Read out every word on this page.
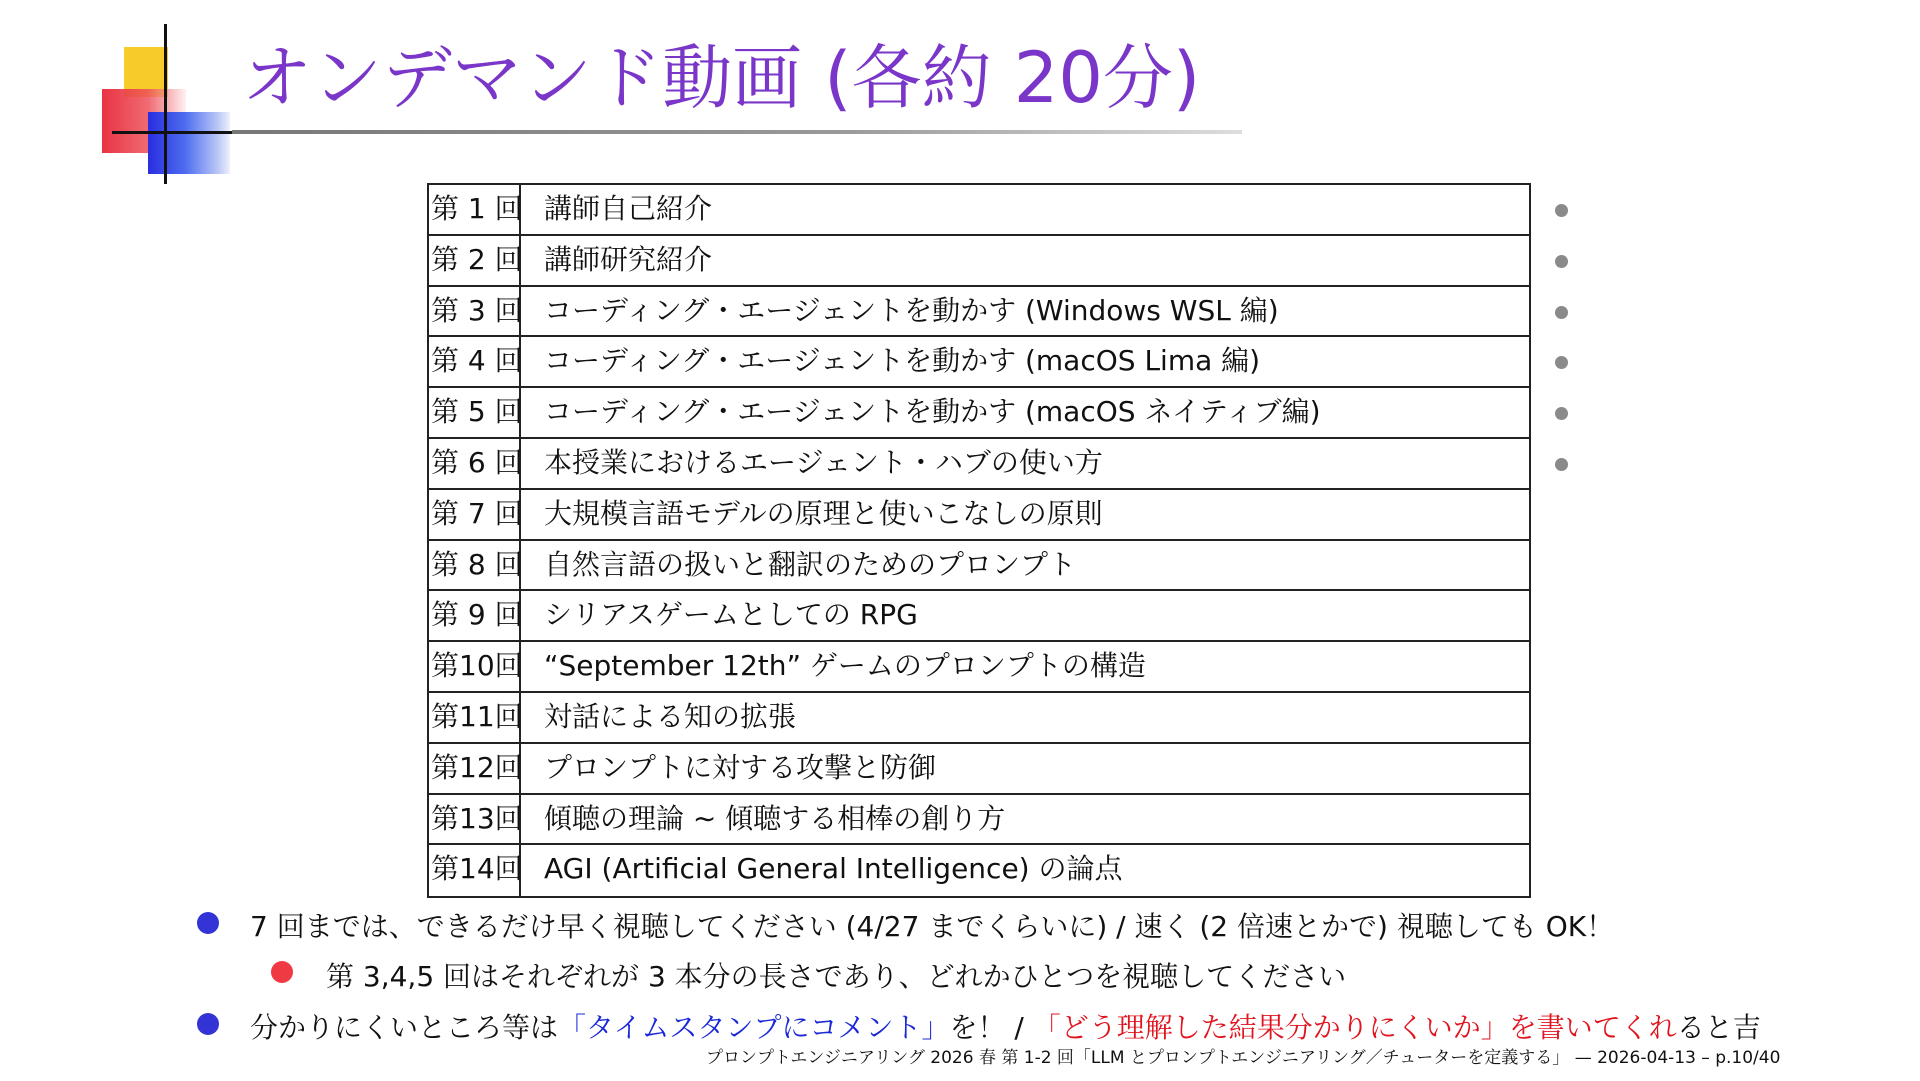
オンデマンド動画 (各約 20分)
第 1 回 講師自己紹介
第 2 回 講師研究紹介
第 3 回 コーディング・エージェントを動かす (Windows WSL 編)
第 4 回 コーディング・エージェントを動かす (macOS Lima 編)
第 5 回 コーディング・エージェントを動かす (macOS ネイティブ編)
第 6 回 本授業におけるエージェント・ハブの使い方
第 7 回 大規模言語モデルの原理と使いこなしの原則
第 8 回 自然言語の扱いと翻訳のためのプロンプト
第 9 回 シリアスゲームとしての RPG
第10回 “September 12th” ゲームのプロンプトの構造
第11回 対話による知の拡張
第12回 プロンプトに対する攻撃と防御
第13回 傾聴の理論 ∼ 傾聴する相棒の創り方
第14回 AGI (Artificial General Intelligence) の論点
7 回までは、できるだけ早く視聴してください (4/27 までくらいに) / 速く (2 倍速とかで) 視聴しても OK！
第 3,4,5 回はそれぞれが 3 本分の長さであり、どれかひとつを視聴してください
分かりにくいところ等は「タイムスタンプにコメント」を！ / 「どう理解した結果分かりにくいか」を書いてくれると吉
プロンプトエンジニアリング 2026 春 第 1-2 回「LLM とプロンプトエンジニアリング／チューターを定義する」 — 2026-04-13 – p.10/40
